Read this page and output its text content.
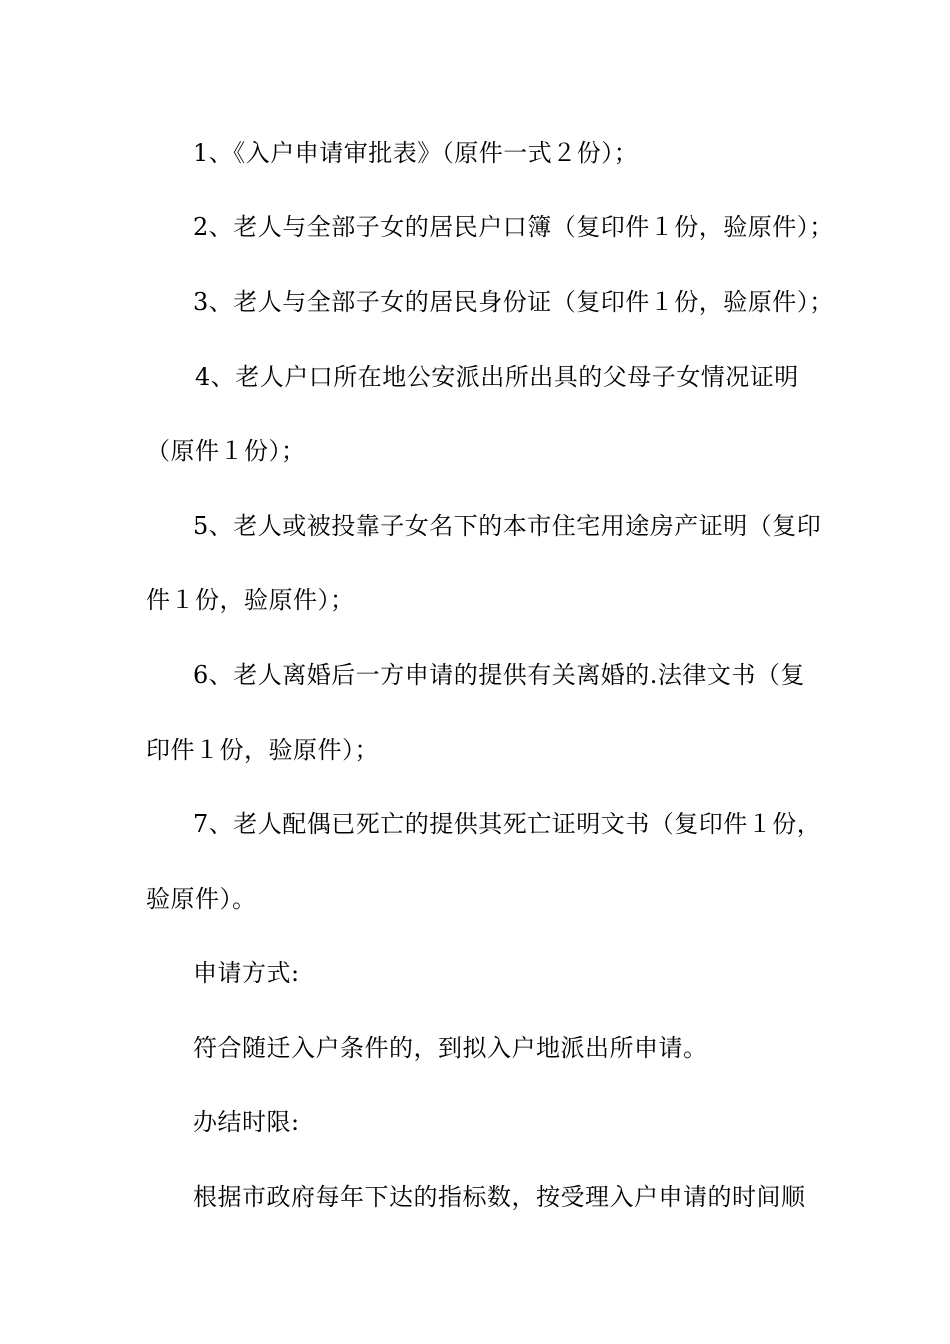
1、《入户申请审批表》（原件一式２份）；
2、老人与全部子女的居民户口簿（复印件１份，验原件）；
3、老人与全部子女的居民身份证（复印件１份，验原件）；
4、老人户口所在地公安派出所出具的父母子女情况证明
（原件１份）；
5、老人或被投靠子女名下的本市住宅用途房产证明（复印
件１份，验原件）；
6、老人离婚后一方申请的提供有关离婚的.法律文书（复
印件１份，验原件）；
7、老人配偶已死亡的提供其死亡证明文书（复印件１份，
验原件）。
申请方式:
符合随迁入户条件的，到拟入户地派出所申请。
办结时限:
根据市政府每年下达的指标数，按受理入户申请的时间顺
